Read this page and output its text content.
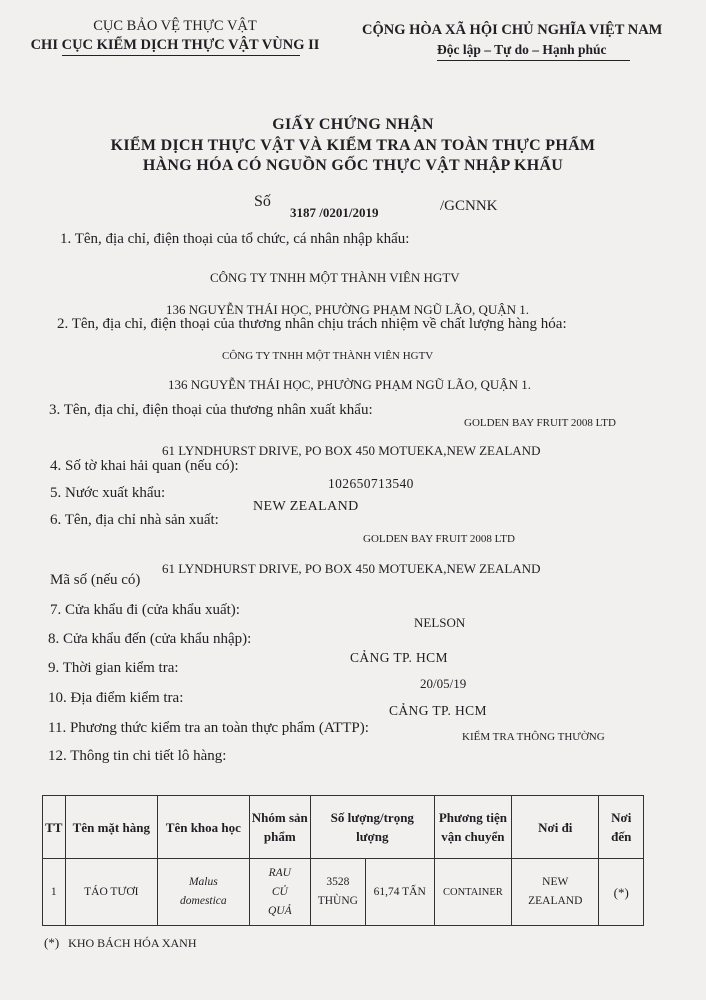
CỤC BẢO VỆ THỰC VẬT
CHI CỤC KIỂM DỊCH THỰC VẬT VÙNG II
CỘNG HÒA XÃ HỘI CHỦ NGHĨA VIỆT NAM
Độc lập – Tự do – Hạnh phúc
GIẤY CHỨNG NHẬN
KIỂM DỊCH THỰC VẬT VÀ KIỂM TRA AN TOÀN THỰC PHẨM
HÀNG HÓA CÓ NGUỒN GỐC THỰC VẬT NHẬP KHẨU
Số
3187 /0201/2019	/GCNNK
1. Tên, địa chỉ, điện thoại của tổ chức, cá nhân nhập khẩu:
CÔNG TY TNHH MỘT THÀNH VIÊN HGTV
136 NGUYỄN THÁI HỌC, PHƯỜNG PHẠM NGŨ LÃO, QUẬN 1.
2. Tên, địa chỉ, điện thoại của thương nhân chịu trách nhiệm về chất lượng hàng hóa:
CÔNG TY TNHH MỘT THÀNH VIÊN HGTV
136 NGUYỄN THÁI HỌC, PHƯỜNG PHẠM NGŨ LÃO, QUẬN 1.
3. Tên, địa chỉ, điện thoại của thương nhân xuất khẩu:
GOLDEN BAY FRUIT 2008 LTD
61 LYNDHURST DRIVE, PO BOX 450 MOTUEKA,NEW ZEALAND
4. Số tờ khai hải quan (nếu có):
102650713540
5. Nước xuất khẩu:
NEW ZEALAND
6. Tên, địa chỉ nhà sản xuất:
GOLDEN BAY FRUIT 2008 LTD
61 LYNDHURST DRIVE, PO BOX 450 MOTUEKA,NEW ZEALAND
Mã số (nếu có)
7. Cửa khẩu đi (cửa khẩu xuất):
NELSON
8. Cửa khẩu đến (cửa khẩu nhập):
CẢNG TP. HCM
9. Thời gian kiểm tra:
20/05/19
10. Địa điểm kiểm tra:
CẢNG TP. HCM
11. Phương thức kiểm tra an toàn thực phẩm (ATTP):
KIỂM TRA THÔNG THƯỜNG
12. Thông tin chi tiết lô hàng:
TT	Tên mặt hàng	Tên khoa học	Nhóm sản phẩm	Số lượng/trọng lượng		Phương tiện vận chuyển	Nơi đi	Nơi đến
1	TÁO TƯƠI	Malus domestica	RAU CỦ QUẢ	3528 THÙNG	61,74 TẤN	CONTAINER	NEW ZEALAND	(*)
(*) KHO BÁCH HÓA XANH
